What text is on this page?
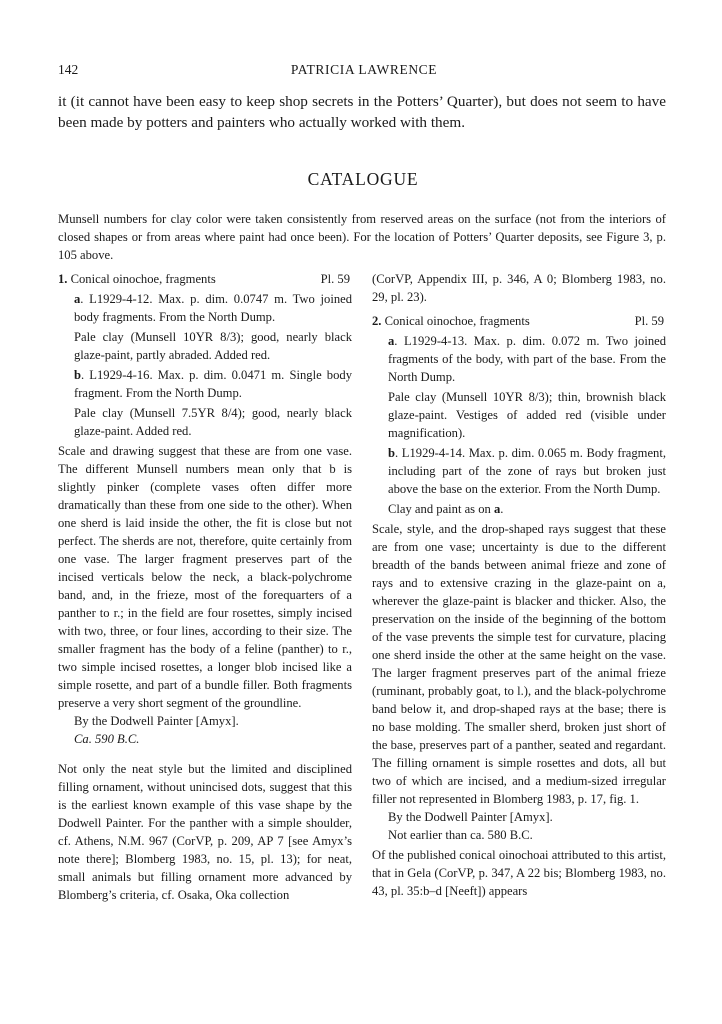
142	PATRICIA LAWRENCE

it (it cannot have been easy to keep shop secrets in the Potters’ Quarter), but does not seem to have been made by potters and painters who actually worked with them.

CATALOGUE

Munsell numbers for clay color were taken consistently from reserved areas on the surface (not from the interiors of closed shapes or from areas where paint had once been). For the location of Potters’ Quarter deposits, see Figure 3, p. 105 above.

1. Conical oinochoe, fragments	Pl. 59

a. L1929-4-12. Max. p. dim. 0.0747 m. Two joined body fragments. From the North Dump.

Pale clay (Munsell 10YR 8/3); good, nearly black glaze-paint, partly abraded. Added red.

b. L1929-4-16. Max. p. dim. 0.0471 m. Single body fragment. From the North Dump.

Pale clay (Munsell 7.5YR 8/4); good, nearly black glaze-paint. Added red.

Scale and drawing suggest that these are from one vase. The different Munsell numbers mean only that b is slightly pinker (complete vases often differ more dramatically than these from one side to the other). When one sherd is laid inside the other, the fit is close but not perfect. The sherds are not, therefore, quite certainly from one vase. The larger fragment preserves part of the incised verticals below the neck, a black-polychrome band, and, in the frieze, most of the forequarters of a panther to r.; in the field are four rosettes, simply incised with two, three, or four lines, according to their size. The smaller fragment has the body of a feline (panther) to r., two simple incised rosettes, a longer blob incised like a simple rosette, and part of a bundle filler. Both fragments preserve a very short segment of the groundline.

By the Dodwell Painter [Amyx].

Ca. 590 B.C.

Not only the neat style but the limited and disciplined filling ornament, without unincised dots, suggest that this is the earliest known example of this vase shape by the Dodwell Painter. For the panther with a simple shoulder, cf. Athens, N.M. 967 (CorVP, p. 209, AP 7 [see Amyx’s note there]; Blomberg 1983, no. 15, pl. 13); for neat, small animals but filling ornament more advanced by Blomberg’s criteria, cf. Osaka, Oka collection

(CorVP, Appendix III, p. 346, A 0; Blomberg 1983, no. 29, pl. 23).

2. Conical oinochoe, fragments	Pl. 59

a. L1929-4-13. Max. p. dim. 0.072 m. Two joined fragments of the body, with part of the base. From the North Dump.

Pale clay (Munsell 10YR 8/3); thin, brownish black glaze-paint. Vestiges of added red (visible under magnification).

b. L1929-4-14. Max. p. dim. 0.065 m. Body fragment, including part of the zone of rays but broken just above the base on the exterior. From the North Dump.

Clay and paint as on a.

Scale, style, and the drop-shaped rays suggest that these are from one vase; uncertainty is due to the different breadth of the bands between animal frieze and zone of rays and to extensive crazing in the glaze-paint on a, wherever the glaze-paint is blacker and thicker. Also, the preservation on the inside of the beginning of the bottom of the vase prevents the simple test for curvature, placing one sherd inside the other at the same height on the vase. The larger fragment preserves part of the animal frieze (ruminant, probably goat, to l.), and the black-polychrome band below it, and drop-shaped rays at the base; there is no base molding. The smaller sherd, broken just short of the base, preserves part of a panther, seated and regardant. The filling ornament is simple rosettes and dots, all but two of which are incised, and a medium-sized irregular filler not represented in Blomberg 1983, p. 17, fig. 1.

By the Dodwell Painter [Amyx].

Not earlier than ca. 580 B.C.

Of the published conical oinochoai attributed to this artist, that in Gela (CorVP, p. 347, A 22 bis; Blomberg 1983, no. 43, pl. 35:b–d [Neeft]) appears
